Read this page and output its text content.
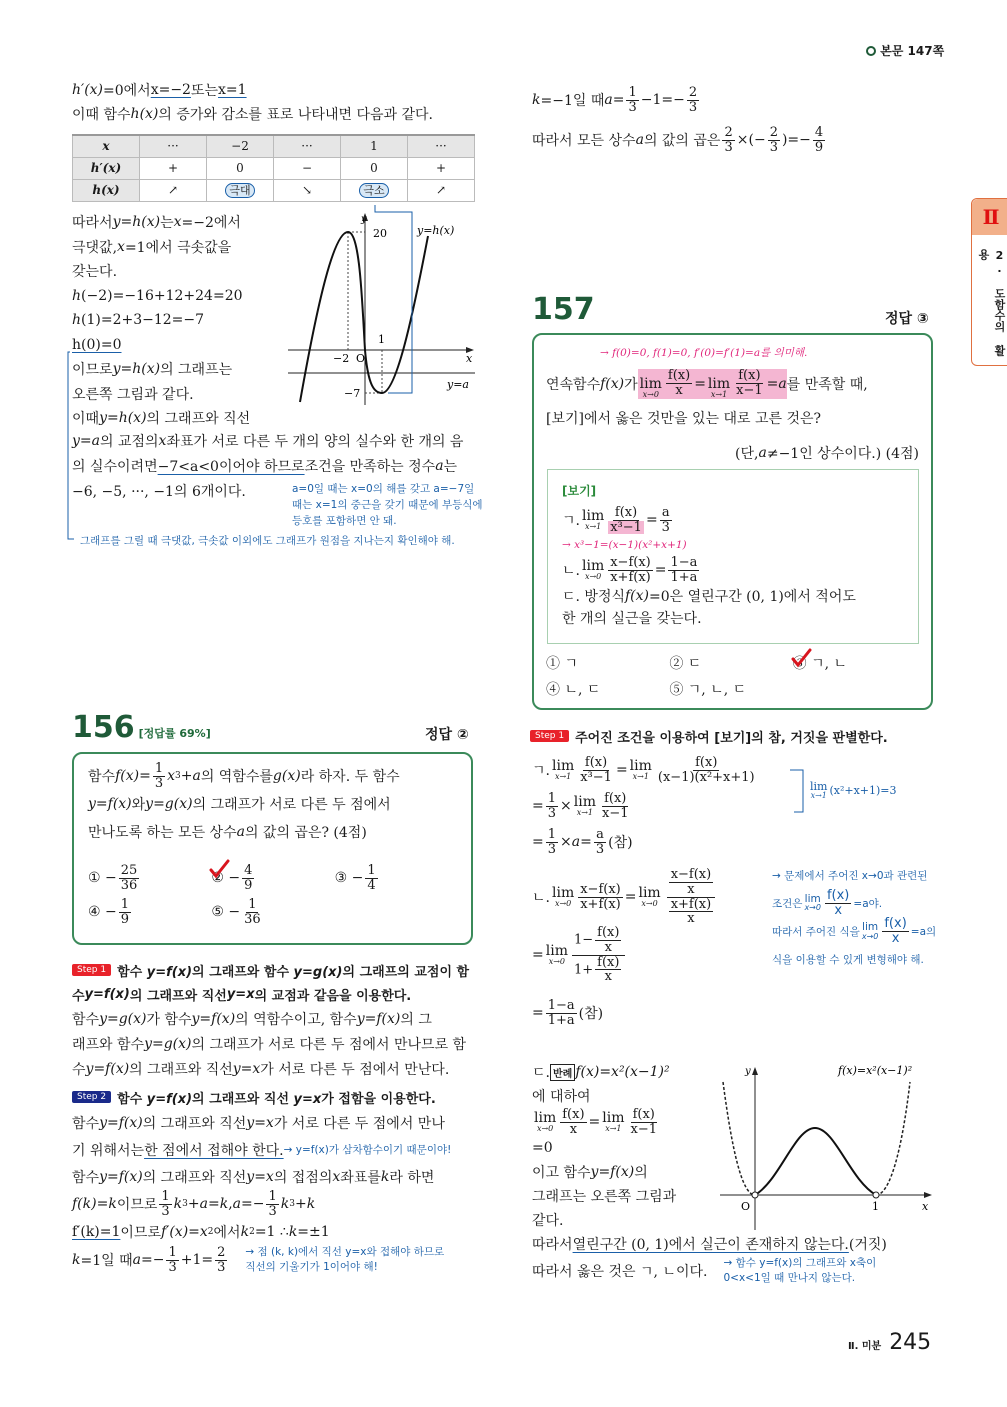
본문 147쪽
Ⅱ
2. 도함수의 활용
h′(x) =0에서 x=−2 또는 x=1
이때 함수 h(x) 의 증가와 감소를 표로 나타내면 다음과 같다.
x	···	−2	···	1	···
h′(x)	+	0	−	0	+
h(x)	↗	극대	↘	극소	↗
따라서 y=h(x) 는 x =−2에서
극댓값, x =1에서 극솟값을
갖는다.
h (−2)=−16+12+24=20
h (1)=2+3−12=−7
h(0)=0
이므로 y=h(x) 의 그래프는
오른쪽 그림과 같다.
이때 y=h(x) 의 그래프와 직선
y
x
O
20
−7
−2
1
y=h(x)
y=a
y=a 의 교점의 x 좌표가 서로 다른 두 개의 양의 실수와 한 개의 음
의 실수이려면 −7<a<0이어야 하므로 조건을 만족하는 정수 a 는
−6, −5, ···, −1의 6개이다.	a=0일 때는 x=0의 해를 갖고 a=−7일
때는 x=1의 중근을 갖기 때문에 부등식에
등호를 포함하면 안 돼.
그래프를 그릴 때 극댓값, 극솟값 이외에도 그래프가 원점을 지나는지 확인해야 해.
156 [정답률 69%]	정답 ②
함수 $f(x) = \frac{1}{3}$ x 3 + a 의 역함수를 g(x) 라 하자. 두 함수
y=f(x) 와 y=g(x) 의 그래프가 서로 다른 두 점에서
만나도록 하는 모든 상수 a 의 값의 곱은? (4점)
① − $\frac{25}{36}$	② − $\frac{4}{9}$	③ − $\frac{1}{4}$
④ − $\frac{1}{9}$	⑤ − $\frac{1}{36}$
Step 1 함수 y=f(x)의 그래프와 함수 y=g(x)의 그래프의 교점이 함
수 y=f(x) 의 그래프와 직선 y=x 의 교점과 같음을 이용한다.
함수 y=g(x) 가 함수 y=f(x) 의 역함수이고, 함수 y=f(x) 의 그
래프와 함수 y=g(x) 의 그래프가 서로 다른 두 점에서 만나므로 함
수 y=f(x) 의 그래프와 직선 y=x 가 서로 다른 두 점에서 만난다.
Step 2 함수 y=f(x)의 그래프와 직선 y=x가 접함을 이용한다.
함수 y=f(x) 의 그래프와 직선 y=x 가 서로 다른 두 점에서 만나
기 위해서는 한 점에서 접해야 한다. → y=f(x)가 삼차함수이기 때문이야!
함수 y=f(x) 의 그래프와 직선 y=x 의 접점의 x 좌표를 k 라 하면
f(k)=k 이므로 $\frac{1}{3}$ k 3 + a=k , $a =- \frac{1}{3}$ k 3 + k
f′(k)=1 이므로 f′(x)=x 2 에서 k 2 =1 ∴ k =±1
k =1일 때 $a =- \frac{1}{3} +1= \frac{2}{3}$ → 점 (k, k)에서 직선 y=x와 접해야 하므로
직선의 기울기가 1이어야 해!
k =−1일 때 $a = \frac{1}{3} -1=- \frac{2}{3}$
따라서 모든 상수 a 의 값의 곱은 $\frac{2}{3}$ ×(− $\frac{2}{3}$ )=− $\frac{4}{9}$
157	정답 ③
→ f(0)=0, f(1)=0, f′(0)=f′(1)=a를 의미해.
연속함수 f(x) 가 lim
$x\to 0 \frac{f(x)}{x} = \lim$
$x\to 1 \frac{f(x)}{x-1} =a$ 를 만족할 때,
[보기]에서 옳은 것만을 있는 대로 고른 것은?
(단, a ≠−1인 상수이다.) (4점)
[보기]
ㄱ. lim
$x\to 1 \frac{f(x)}{\text{x³−1}} = \frac{a}{3}$
→ x³−1=(x−1)(x²+x+1)
ㄴ. lim
$x\to 0 \frac{x-f(x)}{x+f(x)} = \frac{1-a}{1+a}$
ㄷ. 방정식 f(x) =0은 열린구간 (0, 1)에서 적어도
한 개의 실근을 갖는다.
① ㄱ	② ㄷ	③ ㄱ, ㄴ
④ ㄴ, ㄷ	⑤ ㄱ, ㄴ, ㄷ
Step 1 주어진 조건을 이용하여 [보기]의 참, 거짓을 판별한다.
ㄱ. lim
$x\to 1 \frac{f(x)}{\text{x³−1}} = \lim$
$x\to 1 \frac{f(x)}{\text{(x−1)(x²+x+1)}}$
= $\frac{1}{3} \times \lim$
$x\to 1 \frac{f(x)}{x-1}$
= $\frac{1}{3} \times a = \frac{a}{3}$ (참)
lim
x→1 (x²+x+1)=3
ㄴ. lim
$x\to 0 \frac{x-f(x)}{x+f(x)} = \lim$
$x\to 0 \frac{\frac{x-f(x)}{x}}{\frac{x+f(x)}{x}}$
= lim
$x\to 0 \frac{1- \frac{f(x)}{x}}{1+ \frac{f(x)}{x}}$
= $\frac{1-a}{1+a}$ (참)
→ 문제에서 주어진 x→0과 관련된
조건은 lim
$x\to 0 \frac{f(x)}{x} =a$야.
따라서 주어진 식을 lim
$x\to 0 \frac{f(x)}{x} =a$의
식을 이용할 수 있게 변형해야 해.
ㄷ. 반례 f(x)=x²(x−1)²
에 대하여
lim
$x\to 0 \frac{f(x)}{x} = \lim$
$x\to 1 \frac{f(x)}{x-1}$
=0
이고 함수 y=f(x) 의
그래프는 오른쪽 그림과
같다.
따라서 열린구간 (0, 1)에서 실근이 존재하지 않는다. (거짓)
따라서 옳은 것은 ㄱ, ㄴ이다.
→ 함수 y=f(x)의 그래프와 x축이
0<x<1일 때 만나지 않는다.
y
x
O	1
f(x)=x²(x−1)²
Ⅱ. 미분 245
